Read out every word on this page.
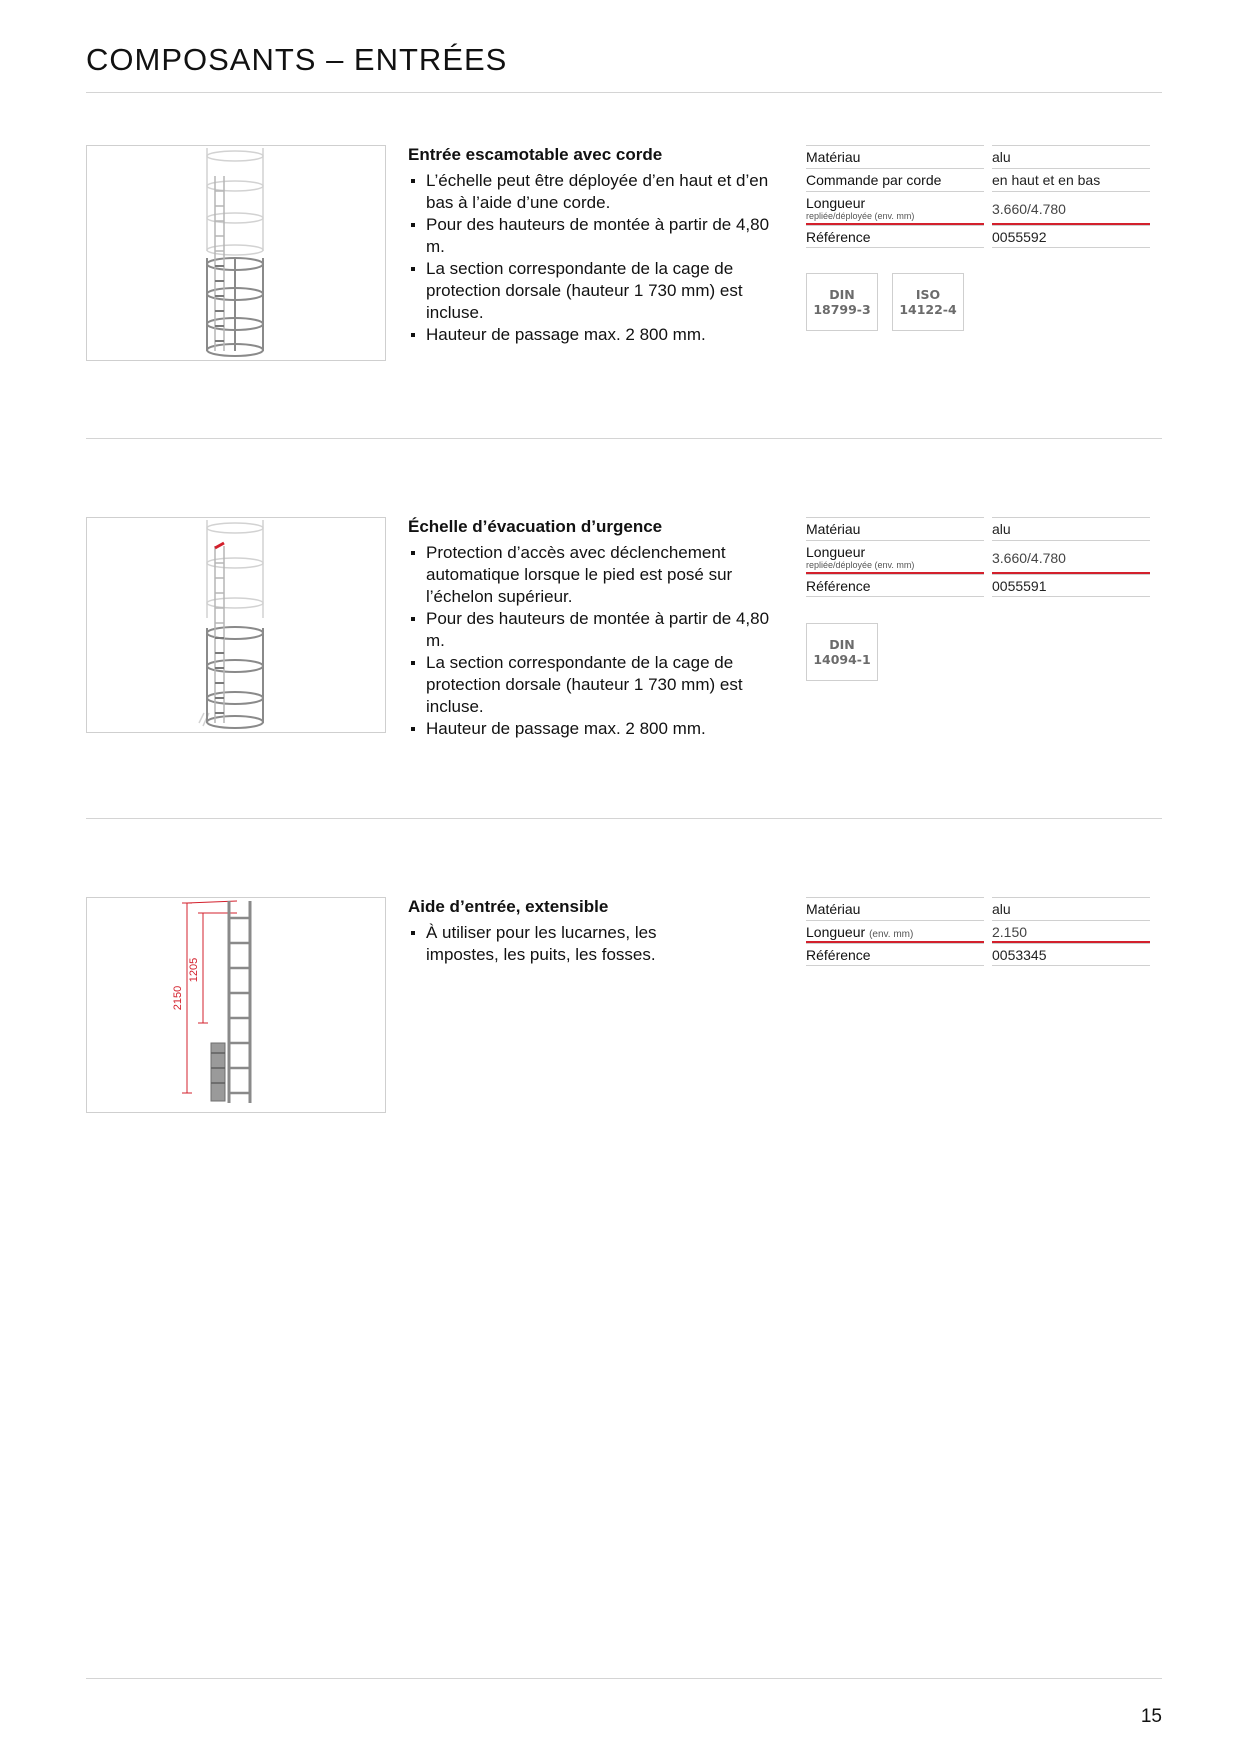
COMPOSANTS – ENTRÉES
Entrée escamotable avec corde
L’échelle peut être déployée d’en haut et d’en bas à l’aide d’une corde.
Pour des hauteurs de montée à partir de 4,80 m.
La section correspondante de la cage de protection dorsale (hauteur 1 730 mm) est incluse.
Hauteur de passage max. 2 800 mm.
Matériau	alu
Commande par corde	en haut et en bas
Longueur
repliée/déployée (env. mm)	3.660/4.780
Référence	0055592
DIN
18799-3
ISO
14122-4
Échelle d’évacuation d’urgence
Protection d’accès avec déclenchement automatique lorsque le pied est posé sur l’échelon supérieur.
Pour des hauteurs de montée à partir de 4,80 m.
La section correspondante de la cage de protection dorsale (hauteur 1 730 mm) est incluse.
Hauteur de passage max. 2 800 mm.
Matériau	alu
Longueur
repliée/déployée (env. mm)	3.660/4.780
Référence	0055591
DIN
14094-1
2150
1205
Aide d’entrée, extensible
À utiliser pour les lucarnes, les impostes, les puits, les fosses.
Matériau	alu
Longueur (env. mm)	2.150
Référence	0053345
15
